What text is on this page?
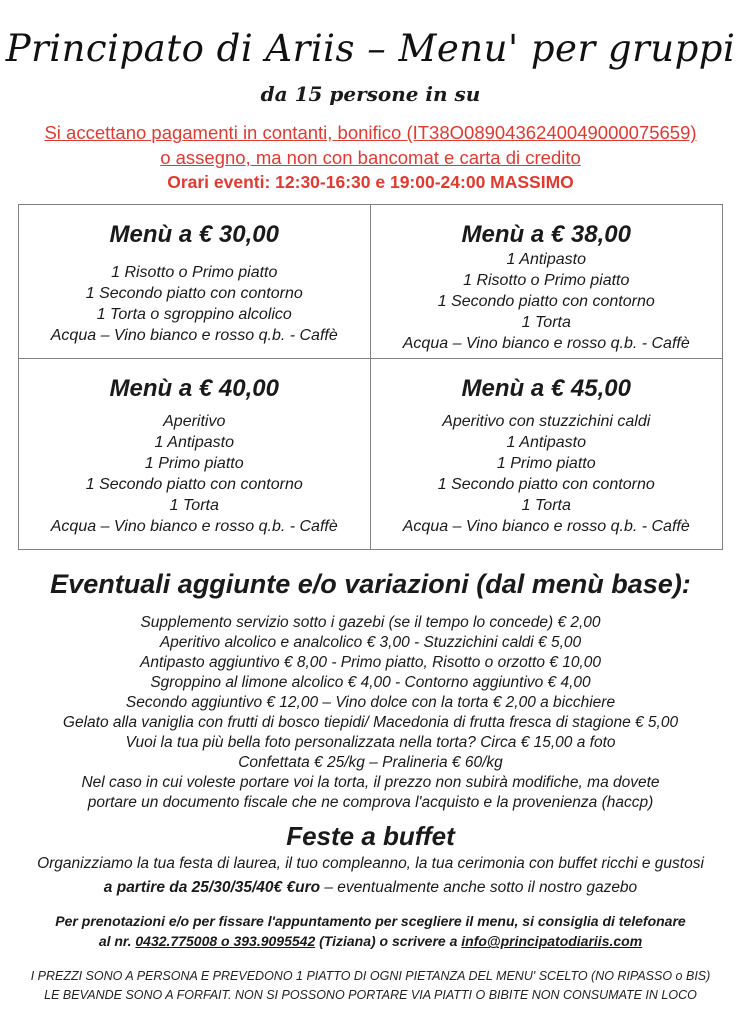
Principato di Ariis – Menu' per gruppi
da 15 persone in su
Si accettano pagamenti in contanti, bonifico (IT38O0890436240049000075659)
o assegno, ma non con bancomat e carta di credito
Orari eventi: 12:30-16:30 e 19:00-24:00 MASSIMO
Menù a € 30,00
1 Risotto o Primo piatto
1 Secondo piatto con contorno
1 Torta o sgroppino alcolico
Acqua – Vino bianco e rosso q.b. - Caffè
Menù a € 38,00
1 Antipasto
1 Risotto o Primo piatto
1 Secondo piatto con contorno
1 Torta
Acqua – Vino bianco e rosso q.b. - Caffè
Menù a € 40,00
Aperitivo
1 Antipasto
1 Primo piatto
1 Secondo piatto con contorno
1 Torta
Acqua – Vino bianco e rosso q.b. - Caffè
Menù a € 45,00
Aperitivo con stuzzichini caldi
1 Antipasto
1 Primo piatto
1 Secondo piatto con contorno
1 Torta
Acqua – Vino bianco e rosso q.b. - Caffè
Eventuali aggiunte e/o variazioni (dal menù base):
Supplemento servizio sotto i gazebi (se il tempo lo concede) € 2,00
Aperitivo alcolico e analcolico € 3,00 - Stuzzichini caldi € 5,00
Antipasto aggiuntivo € 8,00 - Primo piatto, Risotto o orzotto € 10,00
Sgroppino al limone alcolico € 4,00 - Contorno aggiuntivo € 4,00
Secondo aggiuntivo € 12,00 – Vino dolce con la torta € 2,00 a bicchiere
Gelato alla vaniglia con frutti di bosco tiepidi/ Macedonia di frutta fresca di stagione € 5,00
Vuoi la tua più bella foto personalizzata nella torta? Circa € 15,00 a foto
Confettata € 25/kg – Pralineria € 60/kg
Nel caso in cui voleste portare voi la torta, il prezzo non subirà modifiche, ma dovete
portare un documento fiscale che ne comprova l'acquisto e la provenienza (haccp)
Feste a buffet
Organizziamo la tua festa di laurea, il tuo compleanno, la tua cerimonia con buffet ricchi e gustosi
a partire da 25/30/35/40€ €uro – eventualmente anche sotto il nostro gazebo
Per prenotazioni e/o per fissare l'appuntamento per scegliere il menu, si consiglia di telefonare
al nr. 0432.775008 o 393.9095542 (Tiziana) o scrivere a info@principatodiariis.com
I PREZZI SONO A PERSONA E PREVEDONO 1 PIATTO DI OGNI PIETANZA DEL MENU' SCELTO (NO RIPASSO o BIS)
LE BEVANDE SONO A FORFAIT. NON SI POSSONO PORTARE VIA PIATTI O BIBITE NON CONSUMATE IN LOCO
